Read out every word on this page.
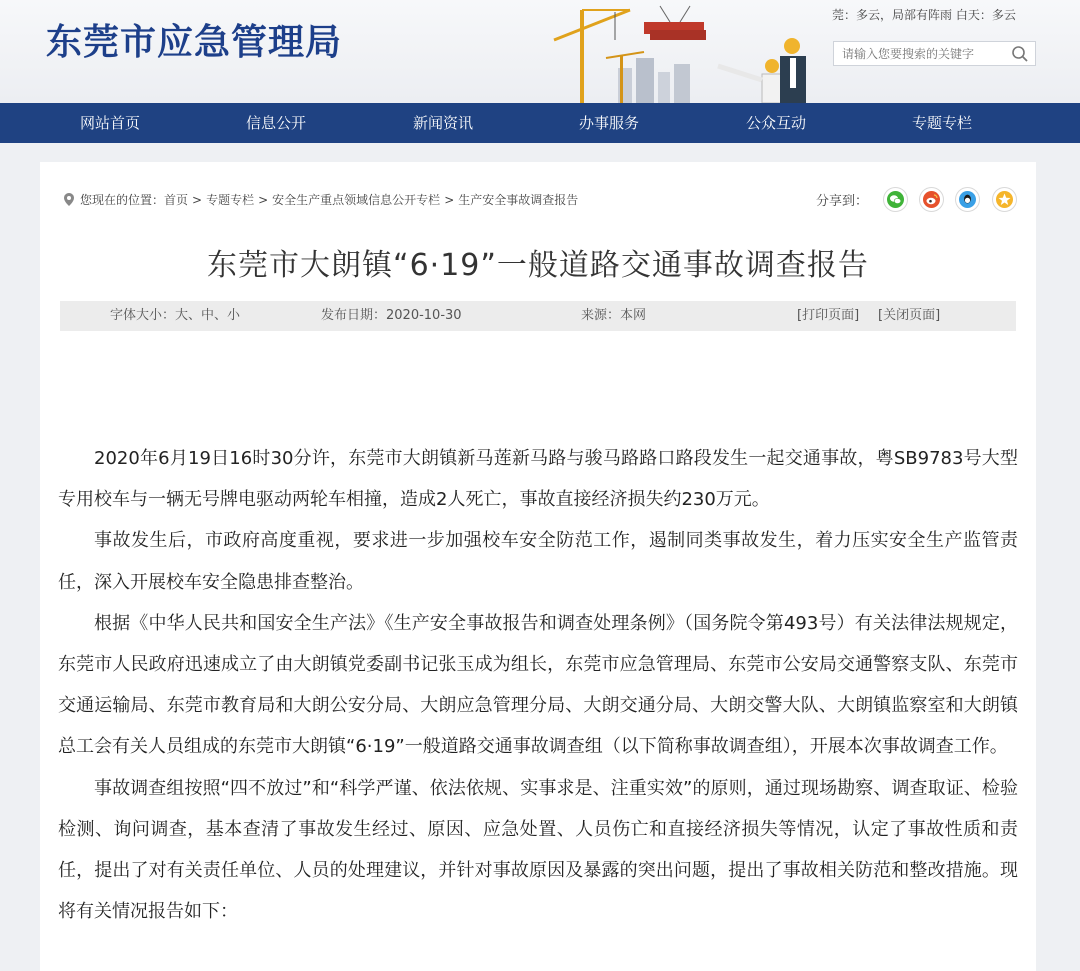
东莞市应急管理局
莞：多云，局部有阵雨 白天：多云
请输入您要搜索的关键字
网站首页	信息公开	新闻资讯	办事服务	公众互动	专题专栏
您现在的位置：首页 > 专题专栏 > 安全生产重点领域信息公开专栏 > 生产安全事故调查报告	分享到：

东莞市大朗镇“6·19”一般道路交通事故调查报告
字体大小：大、中、小	发布日期：2020-10-30	来源：本网	[打印页面] [关闭页面]

2020年6月19日16时30分许，东莞市大朗镇新马莲新马路与骏马路路口路段发生一起交通事故，粤SB9783号大型专用校车与一辆无号牌电驱动两轮车相撞，造成2人死亡，事故直接经济损失约230万元。

事故发生后，市政府高度重视，要求进一步加强校车安全防范工作，遏制同类事故发生，着力压实安全生产监管责任，深入开展校车安全隐患排查整治。

根据《中华人民共和国安全生产法》《生产安全事故报告和调查处理条例》（国务院令第493号）有关法律法规规定，东莞市人民政府迅速成立了由大朗镇党委副书记张玉成为组长，东莞市应急管理局、东莞市公安局交通警察支队、东莞市交通运输局、东莞市教育局和大朗公安分局、大朗应急管理分局、大朗交通分局、大朗交警大队、大朗镇监察室和大朗镇总工会有关人员组成的东莞市大朗镇“6·19”一般道路交通事故调查组（以下简称事故调查组），开展本次事故调查工作。

事故调查组按照“四不放过”和“科学严谨、依法依规、实事求是、注重实效”的原则，通过现场勘察、调查取证、检验检测、询问调查，基本查清了事故发生经过、原因、应急处置、人员伤亡和直接经济损失等情况，认定了事故性质和责任，提出了对有关责任单位、人员的处理建议，并针对事故原因及暴露的突出问题，提出了事故相关防范和整改措施。现将有关情况报告如下：
